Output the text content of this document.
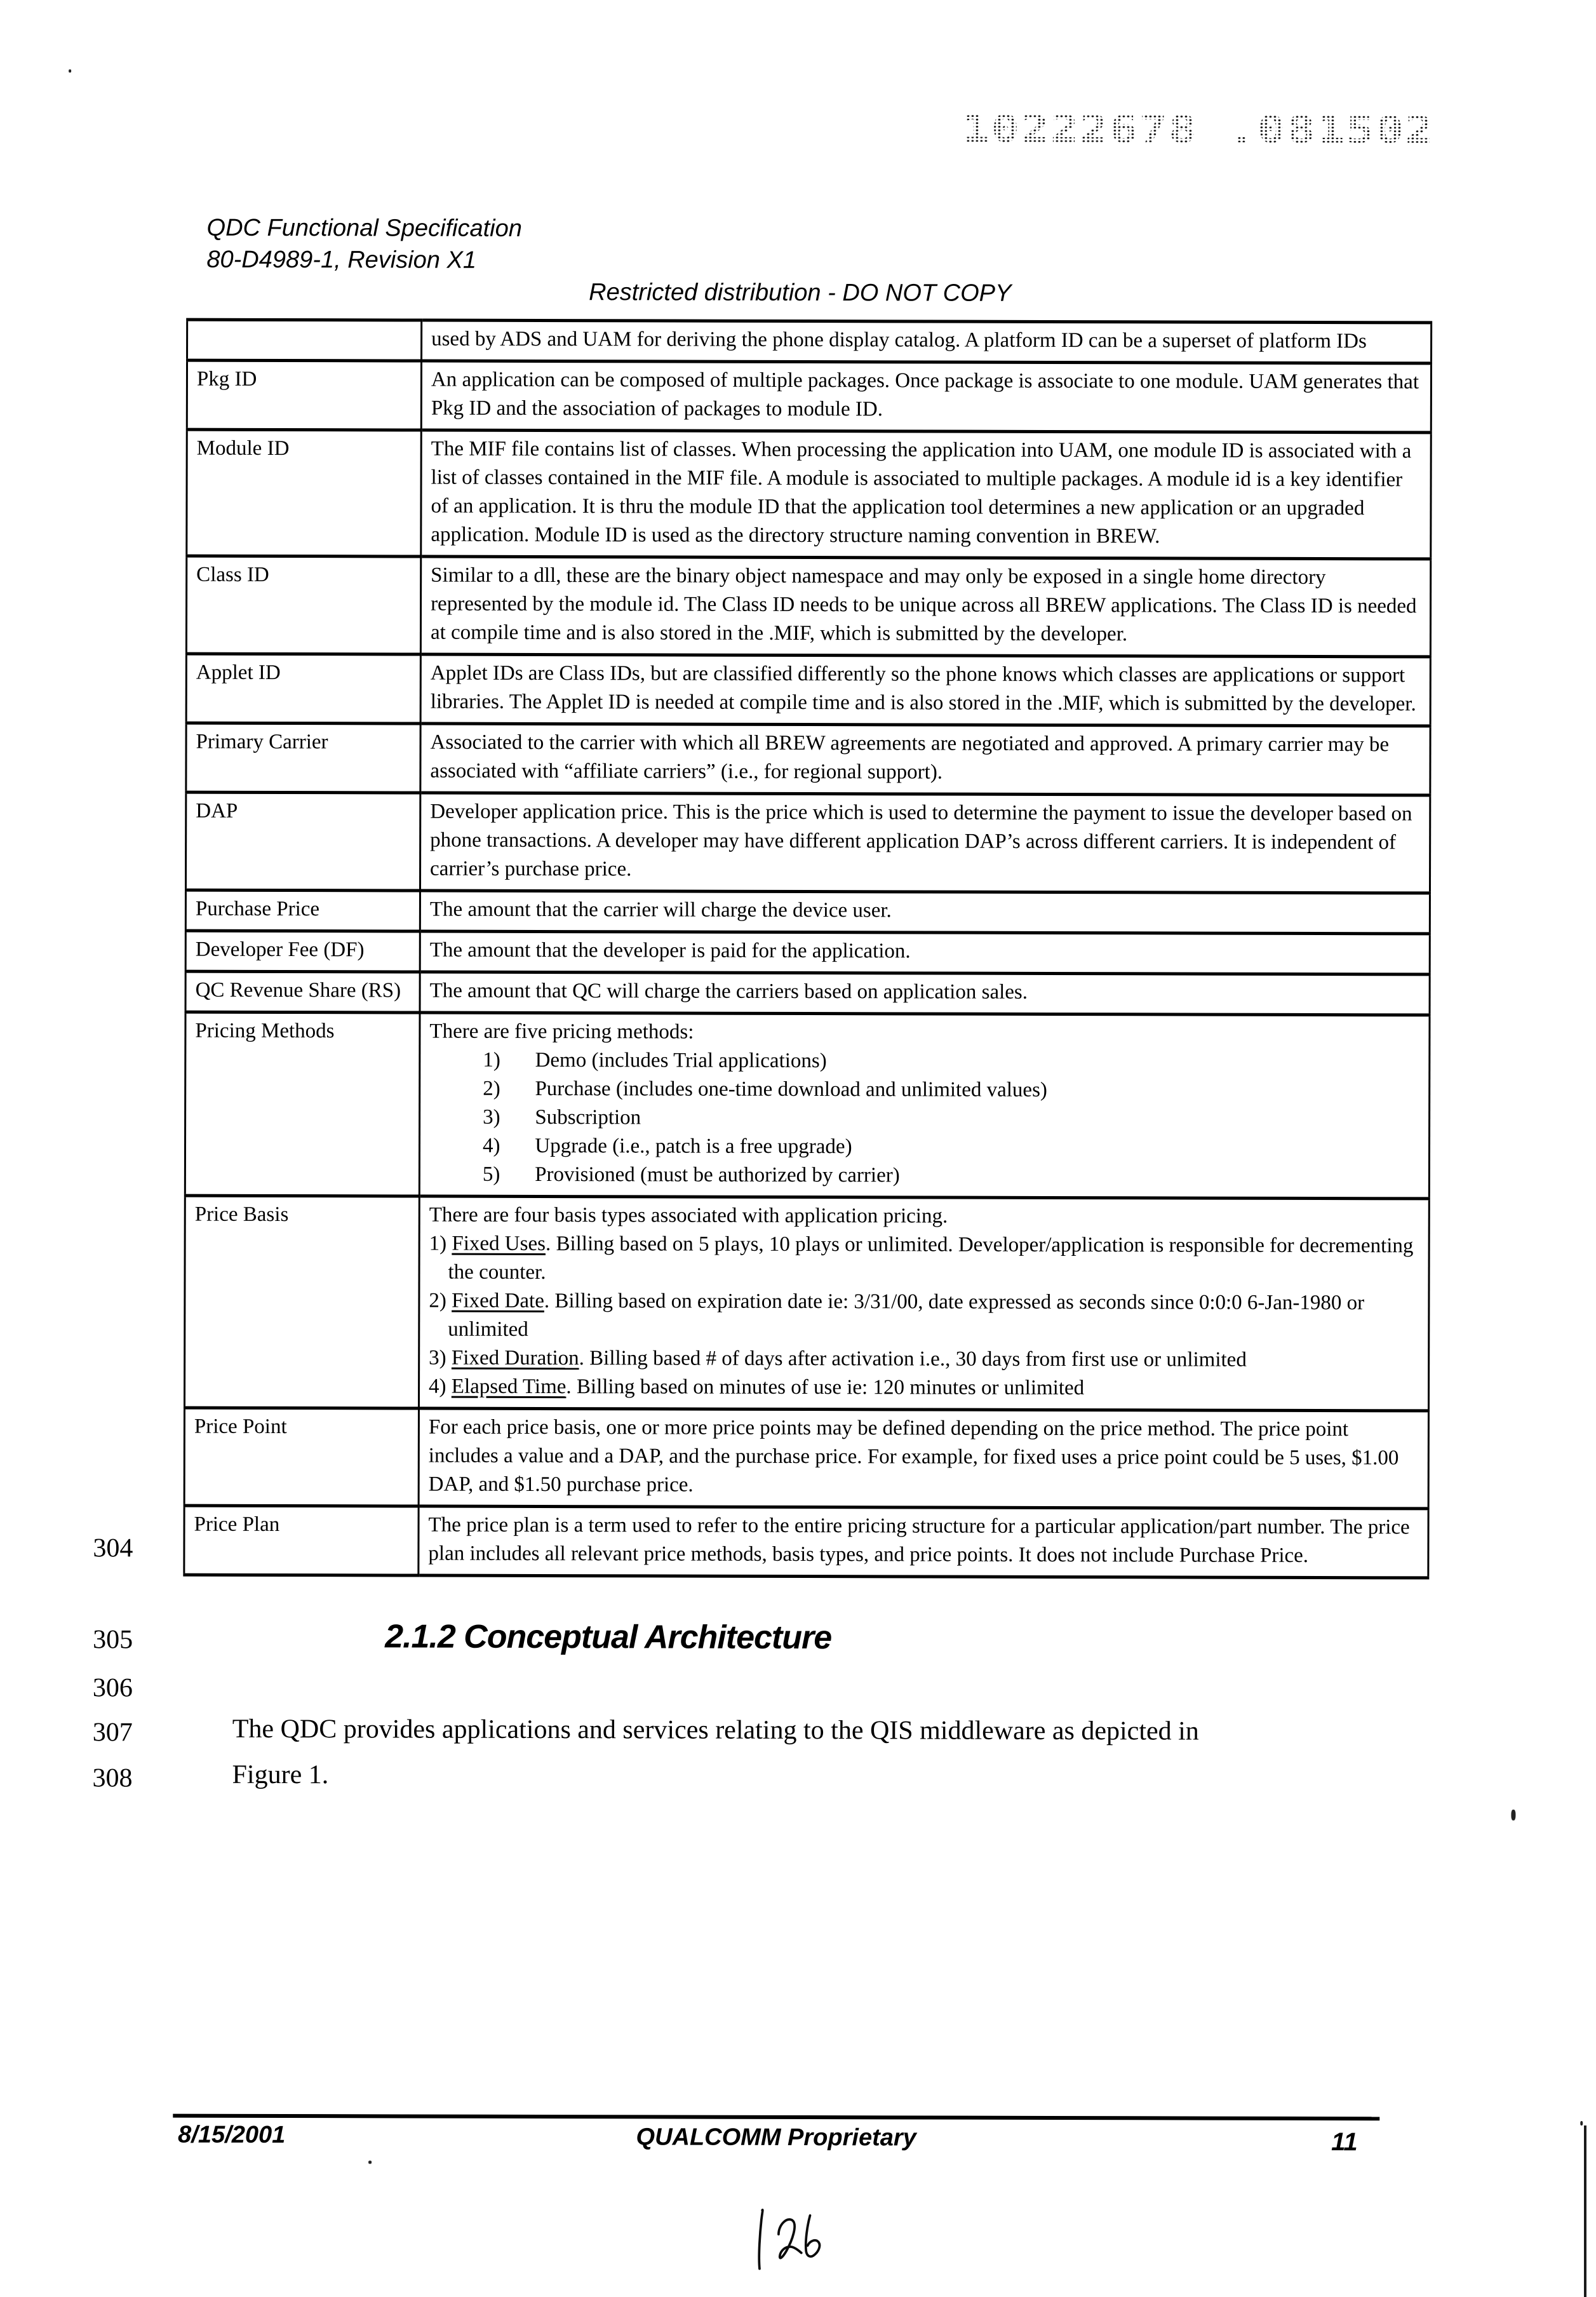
10222678 .081502
QDC Functional Specification
80-D4989-1, Revision X1
Restricted distribution - DO NOT COPY

	used by ADS and UAM for deriving the phone display catalog. A platform ID can be a superset of platform IDs

Pkg ID	An application can be composed of multiple packages. Once package is associate to one module. UAM generates that Pkg ID and the association of packages to module ID.

Module ID	The MIF file contains list of classes. When processing the application into UAM, one module ID is associated with a list of classes contained in the MIF file. A module is associated to multiple packages. A module id is a key identifier of an application. It is thru the module ID that the application tool determines a new application or an upgraded application. Module ID is used as the directory structure naming convention in BREW.

Class ID	Similar to a dll, these are the binary object namespace and may only be exposed in a single home directory represented by the module id. The Class ID needs to be unique across all BREW applications. The Class ID is needed at compile time and is also stored in the .MIF, which is submitted by the developer.

Applet ID	Applet IDs are Class IDs, but are classified differently so the phone knows which classes are applications or support libraries. The Applet ID is needed at compile time and is also stored in the .MIF, which is submitted by the developer.

Primary Carrier	Associated to the carrier with which all BREW agreements are negotiated and approved. A primary carrier may be associated with “affiliate carriers” (i.e., for regional support).

DAP	Developer application price. This is the price which is used to determine the payment to issue the developer based on phone transactions. A developer may have different application DAP’s across different carriers. It is independent of carrier’s purchase price.

Purchase Price	The amount that the carrier will charge the device user.

Developer Fee (DF)	The amount that the developer is paid for the application.

QC Revenue Share (RS)	The amount that QC will charge the carriers based on application sales.

Pricing Methods	There are five pricing methods:
1) Demo (includes Trial applications)
2) Purchase (includes one-time download and unlimited values)
3) Subscription
4) Upgrade (i.e., patch is a free upgrade)
5) Provisioned (must be authorized by carrier)

Price Basis	There are four basis types associated with application pricing.
1) Fixed Uses. Billing based on 5 plays, 10 plays or unlimited. Developer/application is responsible for decrementing the counter.
2) Fixed Date. Billing based on expiration date ie: 3/31/00, date expressed as seconds since 0:0:0 6-Jan-1980 or unlimited
3) Fixed Duration. Billing based # of days after activation i.e., 30 days from first use or unlimited
4) Elapsed Time. Billing based on minutes of use ie: 120 minutes or unlimited

Price Point	For each price basis, one or more price points may be defined depending on the price method. The price point includes a value and a DAP, and the purchase price. For example, for fixed uses a price point could be 5 uses, $1.00 DAP, and $1.50 purchase price.

Price Plan	The price plan is a term used to refer to the entire pricing structure for a particular application/part number. The price plan includes all relevant price methods, basis types, and price points. It does not include Purchase Price.
304
305
306
307
308
2.1.2 Conceptual Architecture
The QDC provides applications and services relating to the QIS middleware as depicted in
Figure 1.
8/15/2001	QUALCOMM Proprietary	11
